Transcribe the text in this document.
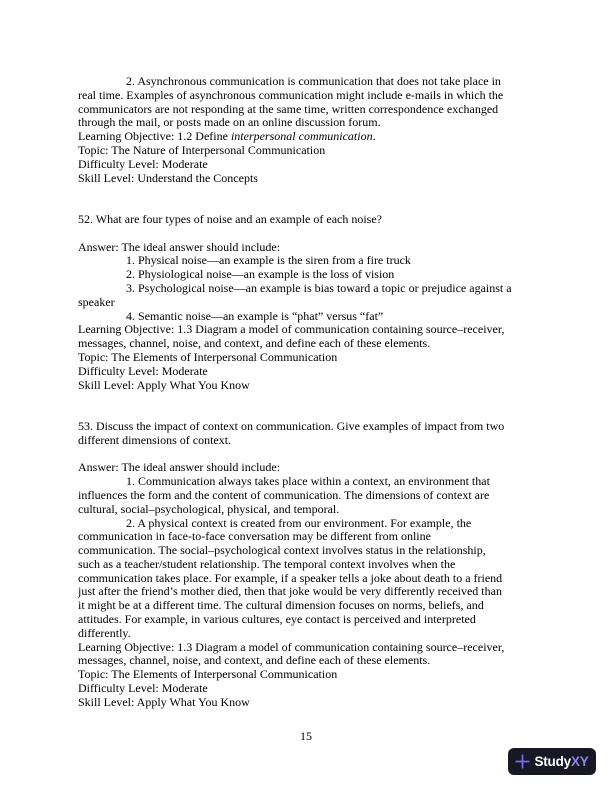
2. Asynchronous communication is communication that does not take place in
real time. Examples of asynchronous communication might include e-mails in which the
communicators are not responding at the same time, written correspondence exchanged
through the mail, or posts made on an online discussion forum.
Learning Objective: 1.2 Define interpersonal communication.
Topic: The Nature of Interpersonal Communication
Difficulty Level: Moderate
Skill Level: Understand the Concepts
52. What are four types of noise and an example of each noise?
Answer: The ideal answer should include:
1. Physical noise—an example is the siren from a fire truck
2. Physiological noise—an example is the loss of vision
3. Psychological noise—an example is bias toward a topic or prejudice against a
speaker
4. Semantic noise—an example is “phat” versus “fat”
Learning Objective: 1.3 Diagram a model of communication containing source–receiver,
messages, channel, noise, and context, and define each of these elements.
Topic: The Elements of Interpersonal Communication
Difficulty Level: Moderate
Skill Level: Apply What You Know
53. Discuss the impact of context on communication. Give examples of impact from two
different dimensions of context.
Answer: The ideal answer should include:
1. Communication always takes place within a context, an environment that
influences the form and the content of communication. The dimensions of context are
cultural, social–psychological, physical, and temporal.
2. A physical context is created from our environment. For example, the
communication in face-to-face conversation may be different from online
communication. The social–psychological context involves status in the relationship,
such as a teacher/student relationship. The temporal context involves when the
communication takes place. For example, if a speaker tells a joke about death to a friend
just after the friend’s mother died, then that joke would be very differently received than
it might be at a different time. The cultural dimension focuses on norms, beliefs, and
attitudes. For example, in various cultures, eye contact is perceived and interpreted
differently.
Learning Objective: 1.3 Diagram a model of communication containing source–receiver,
messages, channel, noise, and context, and define each of these elements.
Topic: The Elements of Interpersonal Communication
Difficulty Level: Moderate
Skill Level: Apply What You Know
15
StudyXY
